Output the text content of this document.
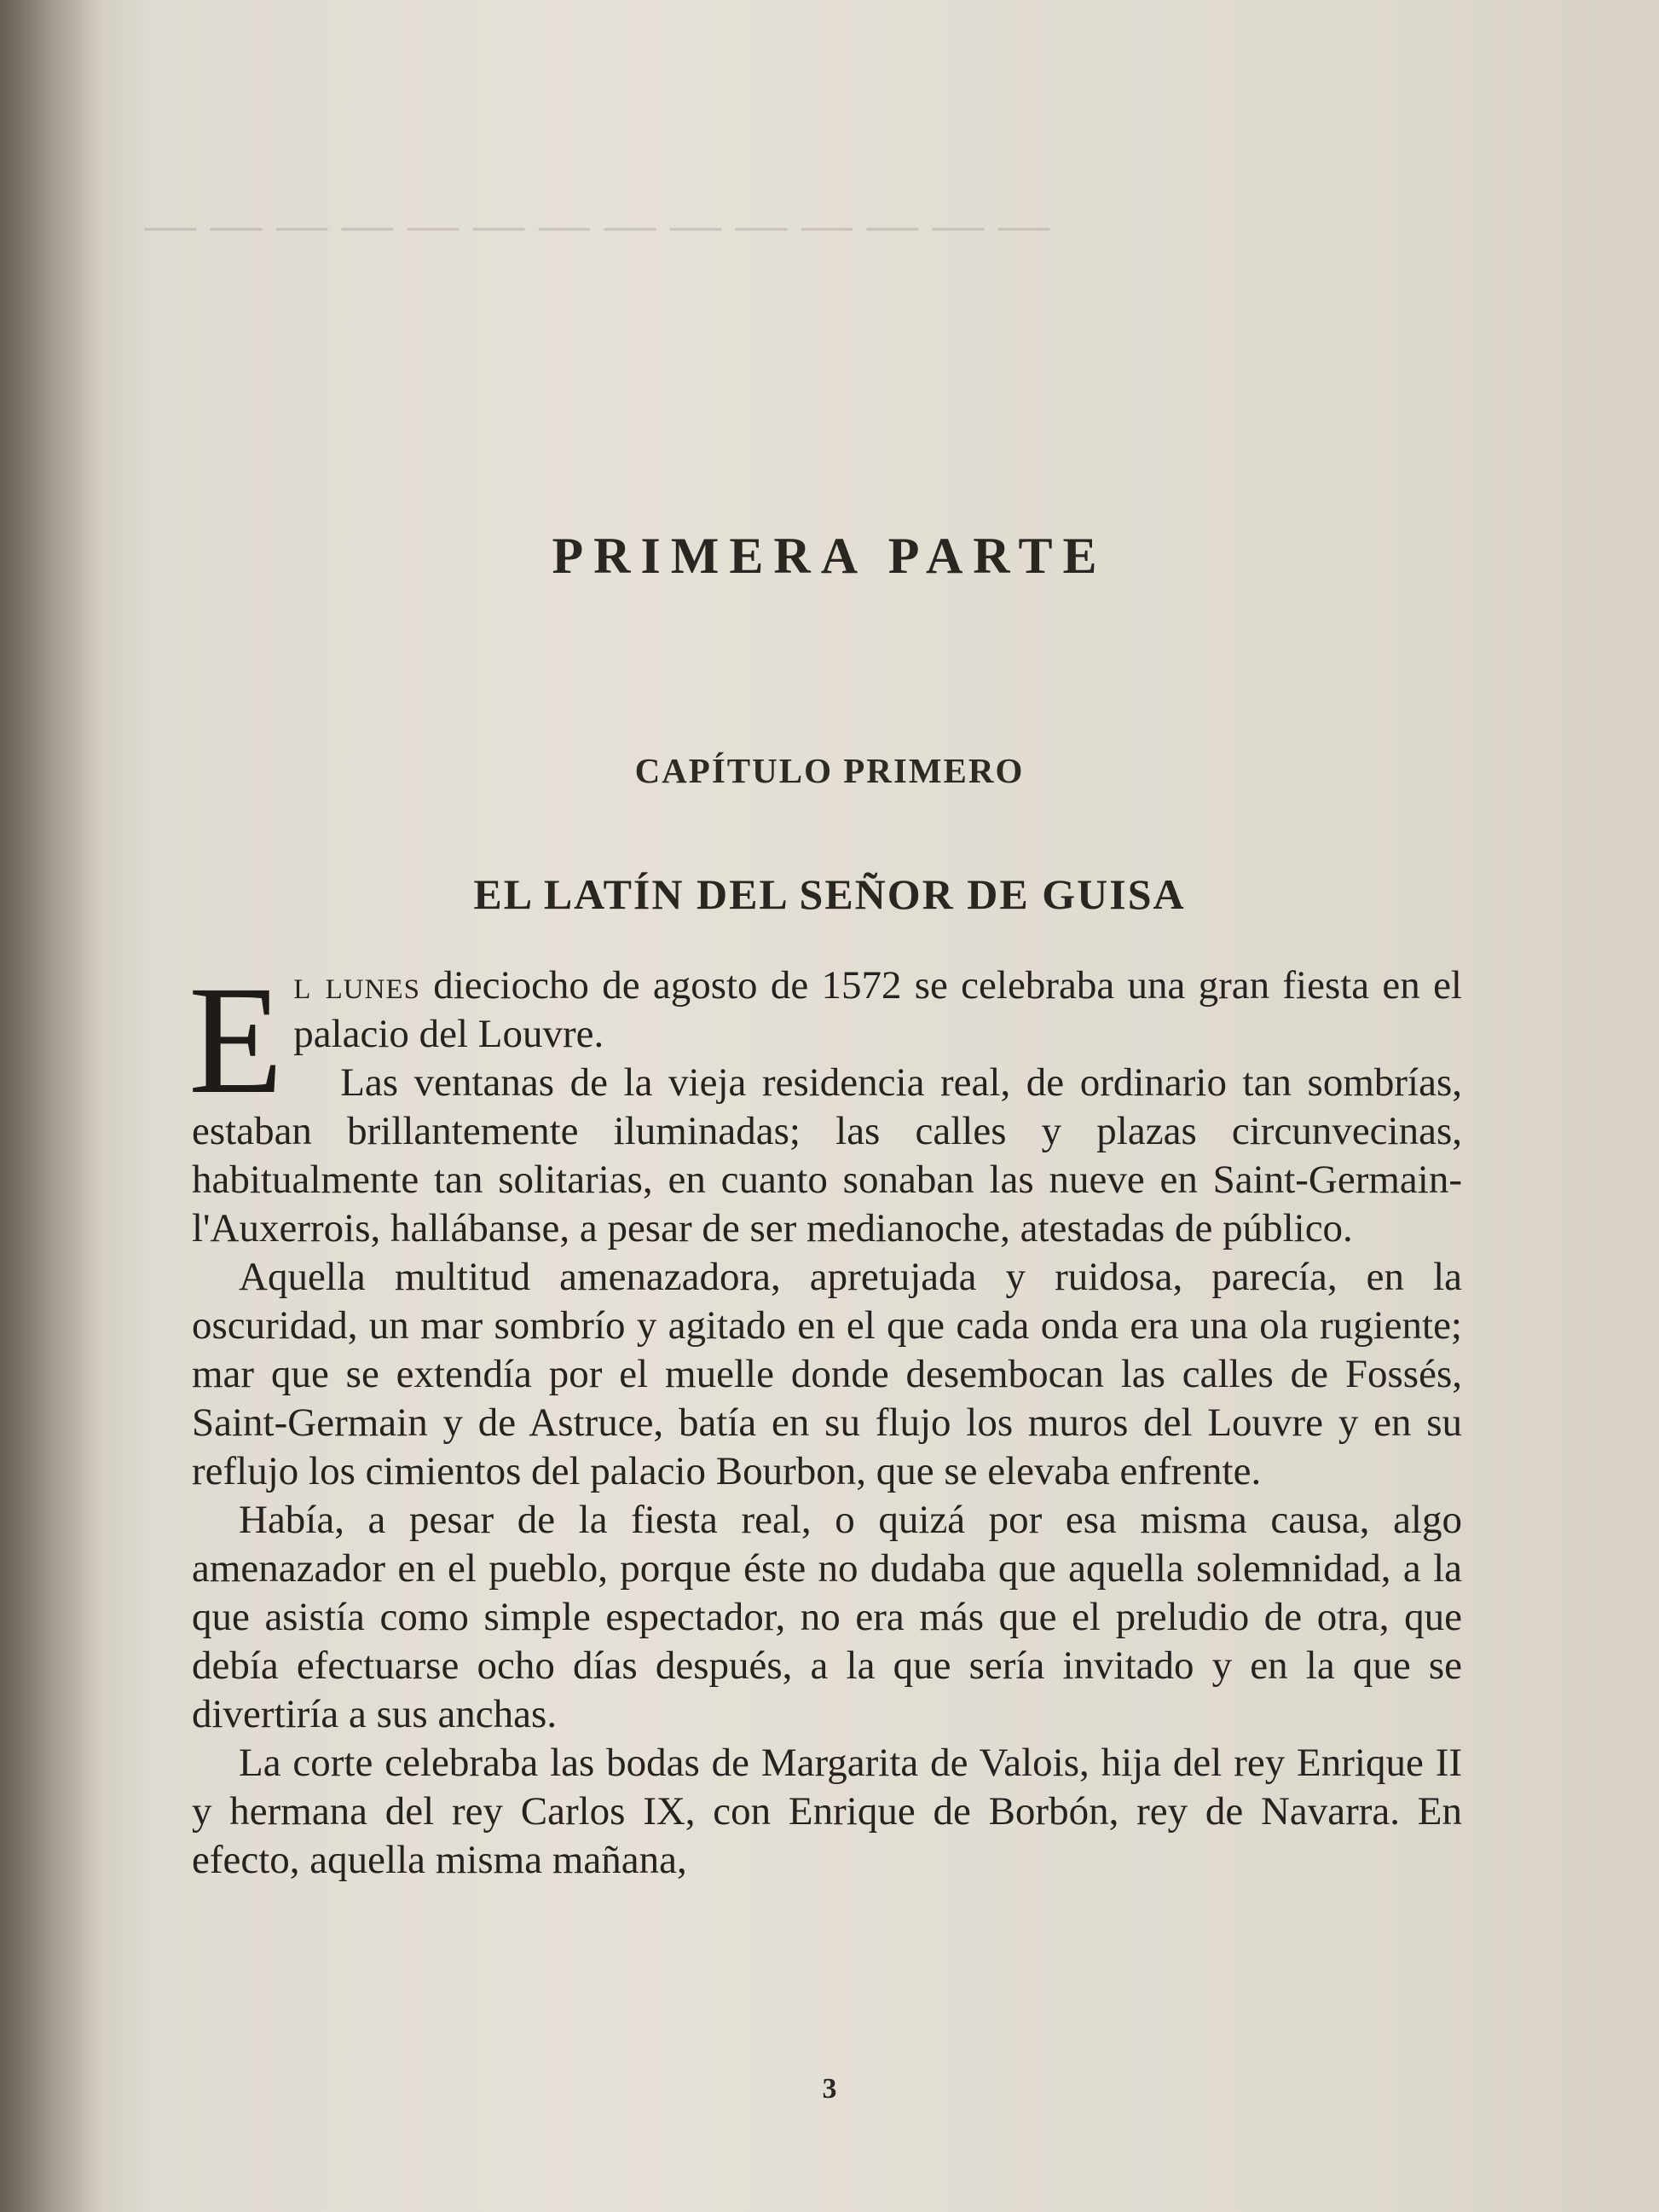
— — — — — — — — — — — — — —
PRIMERA PARTE
CAPÍTULO PRIMERO
EL LATÍN DEL SEÑOR DE GUISA

E l lunes dieciocho de agosto de 1572 se celebraba una gran fiesta en el palacio del Louvre.

Las ventanas de la vieja residencia real, de ordinario tan sombrías, estaban brillantemente iluminadas; las calles y plazas circunvecinas, habitualmente tan solitarias, en cuanto sonaban las nueve en Saint-Germain-l'Auxerrois, hallábanse, a pesar de ser medianoche, atestadas de público.

Aquella multitud amenazadora, apretujada y ruidosa, parecía, en la oscuridad, un mar sombrío y agitado en el que cada onda era una ola rugiente; mar que se extendía por el muelle donde desembocan las calles de Fossés, Saint-Germain y de Astruce, batía en su flujo los muros del Louvre y en su reflujo los cimientos del palacio Bourbon, que se elevaba enfrente.

Había, a pesar de la fiesta real, o quizá por esa misma causa, algo amenazador en el pueblo, porque éste no dudaba que aquella solemnidad, a la que asistía como simple espectador, no era más que el preludio de otra, que debía efectuarse ocho días después, a la que sería invitado y en la que se divertiría a sus anchas.

La corte celebraba las bodas de Margarita de Valois, hija del rey Enrique II y hermana del rey Carlos IX, con Enrique de Borbón, rey de Navarra. En efecto, aquella misma mañana,

3
